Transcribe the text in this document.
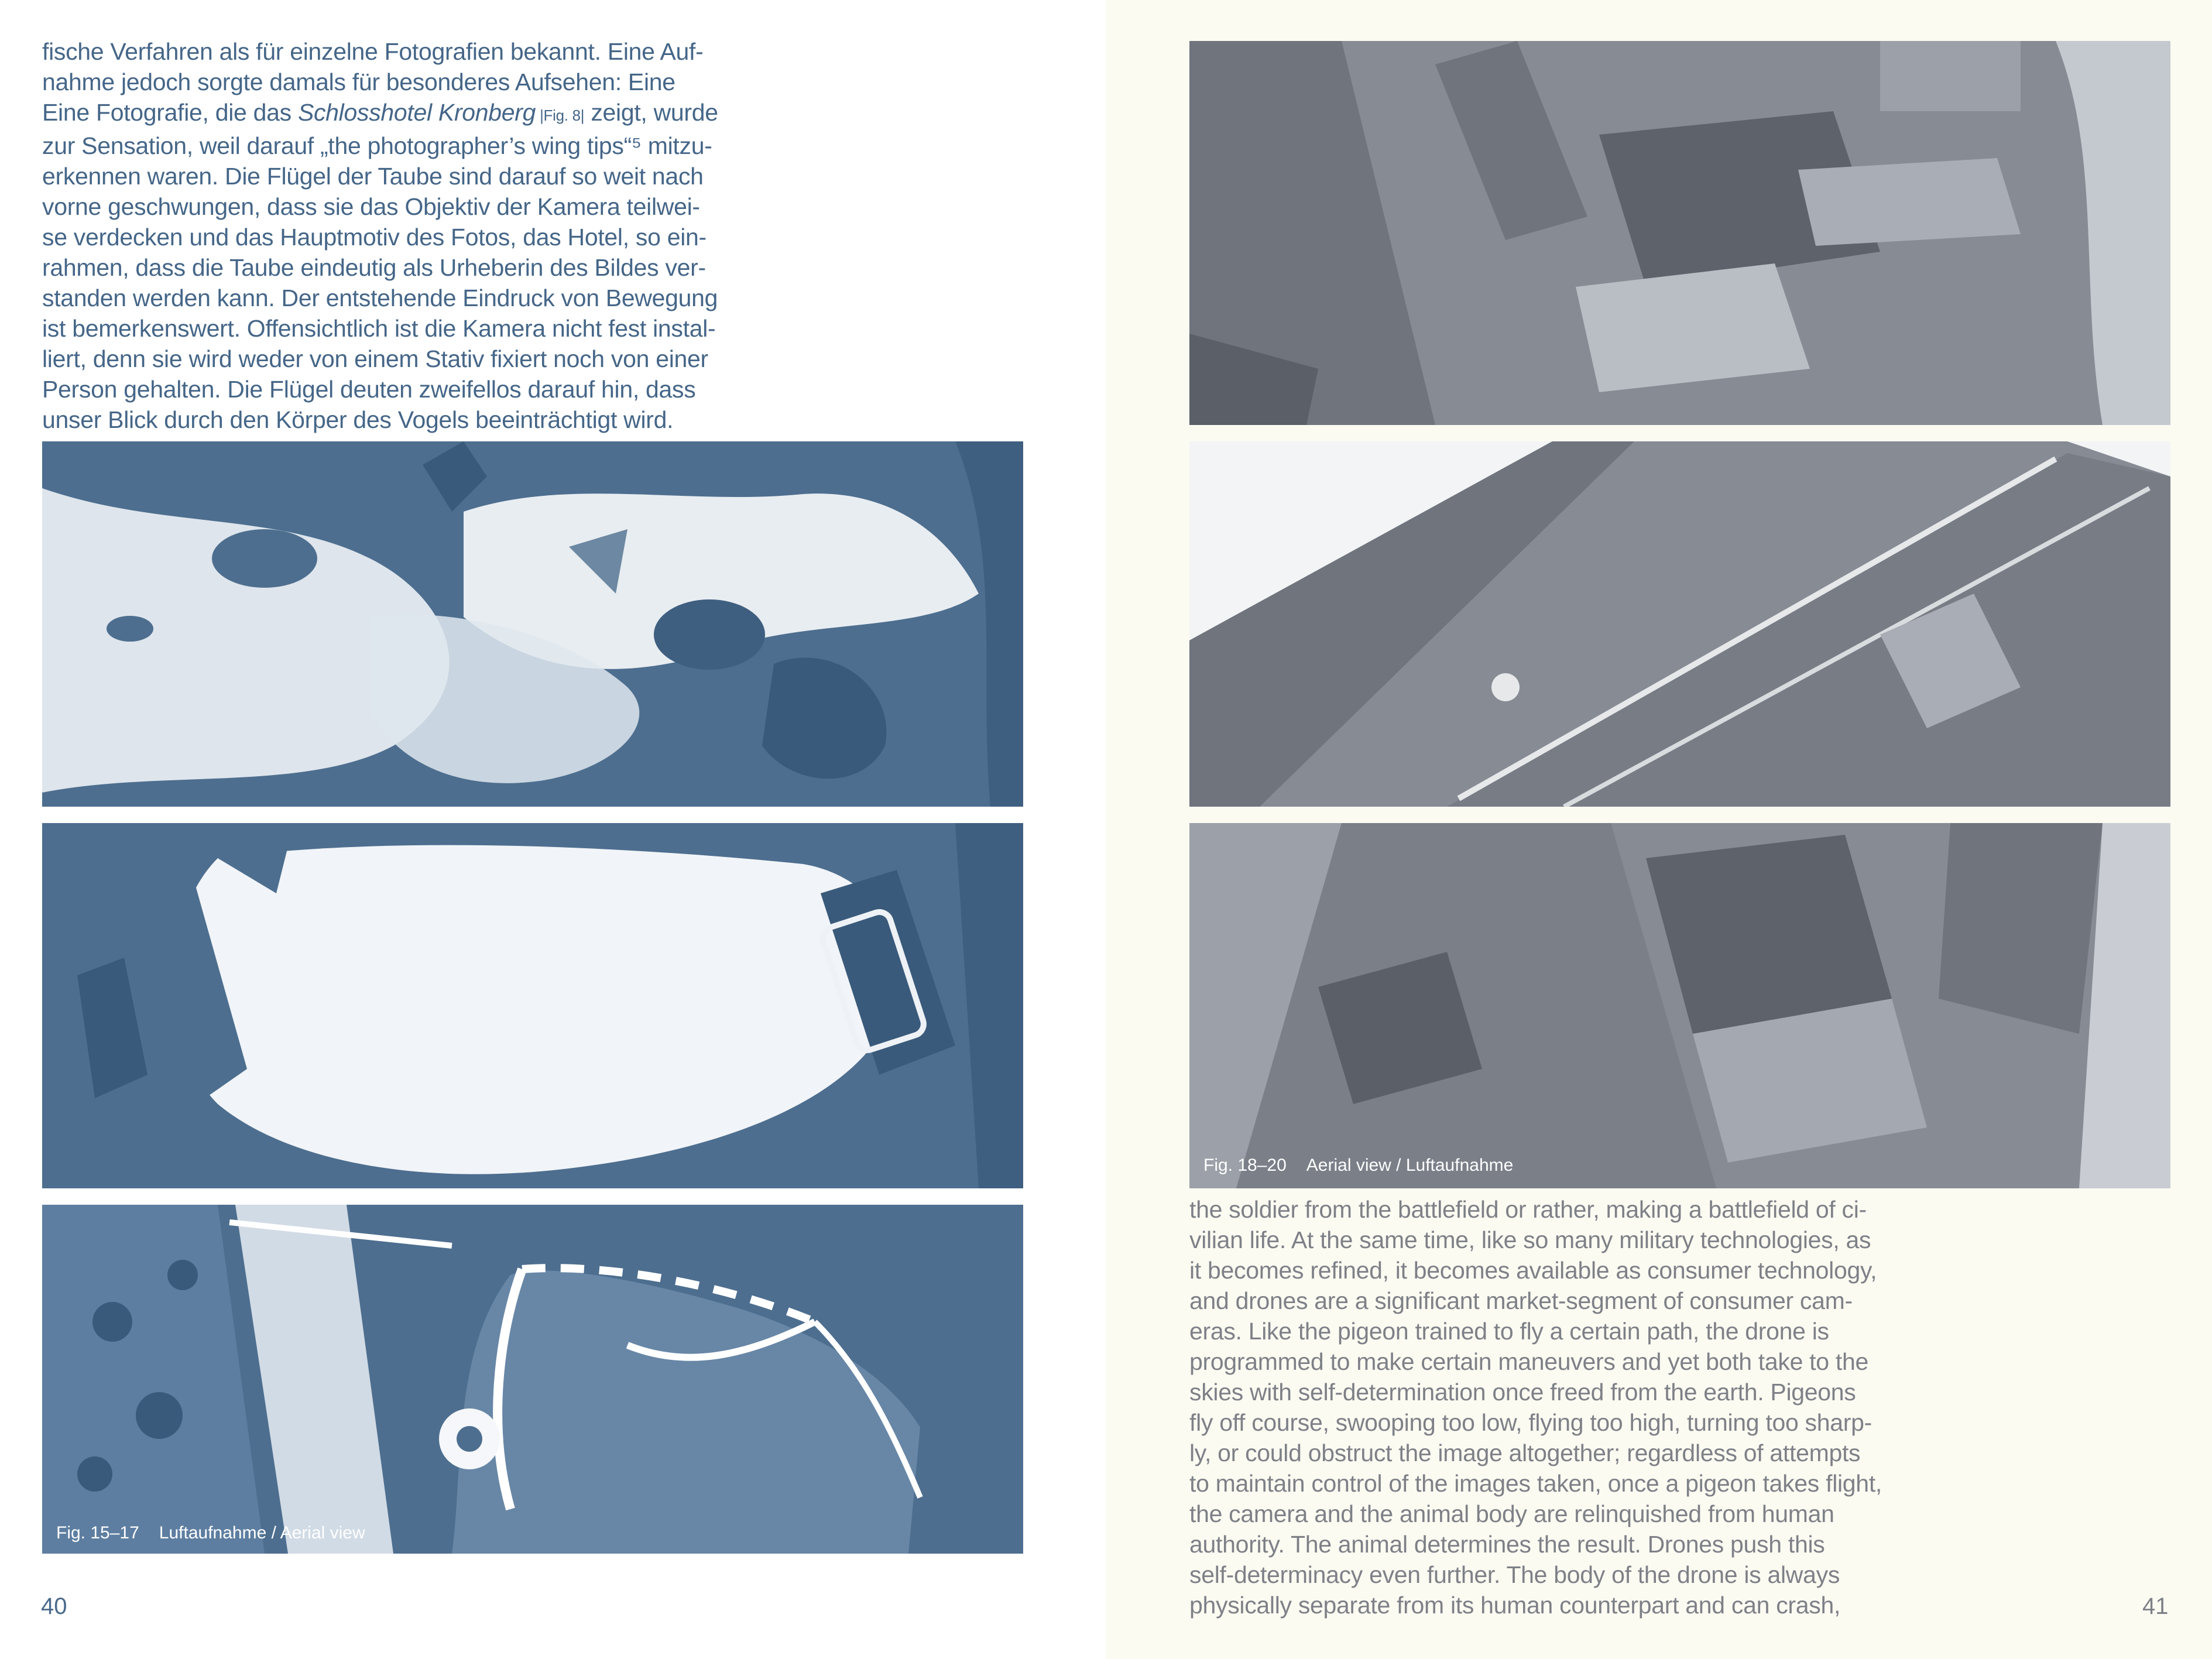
fische Verfahren als für einzelne Fotografien bekannt. Eine Auf-
nahme jedoch sorgte damals für besonderes Aufsehen: Eine
Eine Fotografie, die das Schlosshotel Kronberg |Fig. 8| zeigt, wurde
zur Sensation, weil darauf „the photographer’s wing tips“⁵ mitzu-
erkennen waren. Die Flügel der Taube sind darauf so weit nach
vorne geschwungen, dass sie das Objektiv der Kamera teilwei-
se verdecken und das Hauptmotiv des Fotos, das Hotel, so ein-
rahmen, dass die Taube eindeutig als Urheberin des Bildes ver-
standen werden kann. Der entstehende Eindruck von Bewegung
ist bemerkenswert. Offensichtlich ist die Kamera nicht fest instal-
liert, denn sie wird weder von einem Stativ fixiert noch von einer
Person gehalten. Die Flügel deuten zweifellos darauf hin, dass
unser Blick durch den Körper des Vogels beeinträchtigt wird.
Fig. 15–17 Luftaufnahme / Aerial view
40
Fig. 18–20 Aerial view / Luftaufnahme
the soldier from the battlefield or rather, making a battlefield of ci-
vilian life. At the same time, like so many military technologies, as
it becomes refined, it becomes available as consumer technology,
and drones are a significant market-segment of consumer cam-
eras. Like the pigeon trained to fly a certain path, the drone is
programmed to make certain maneuvers and yet both take to the
skies with self-determination once freed from the earth. Pigeons
fly off course, swooping too low, flying too high, turning too sharp-
ly, or could obstruct the image altogether; regardless of attempts
to maintain control of the images taken, once a pigeon takes flight,
the camera and the animal body are relinquished from human
authority. The animal determines the result. Drones push this
self-determinacy even further. The body of the drone is always
physically separate from its human counterpart and can crash,	41
